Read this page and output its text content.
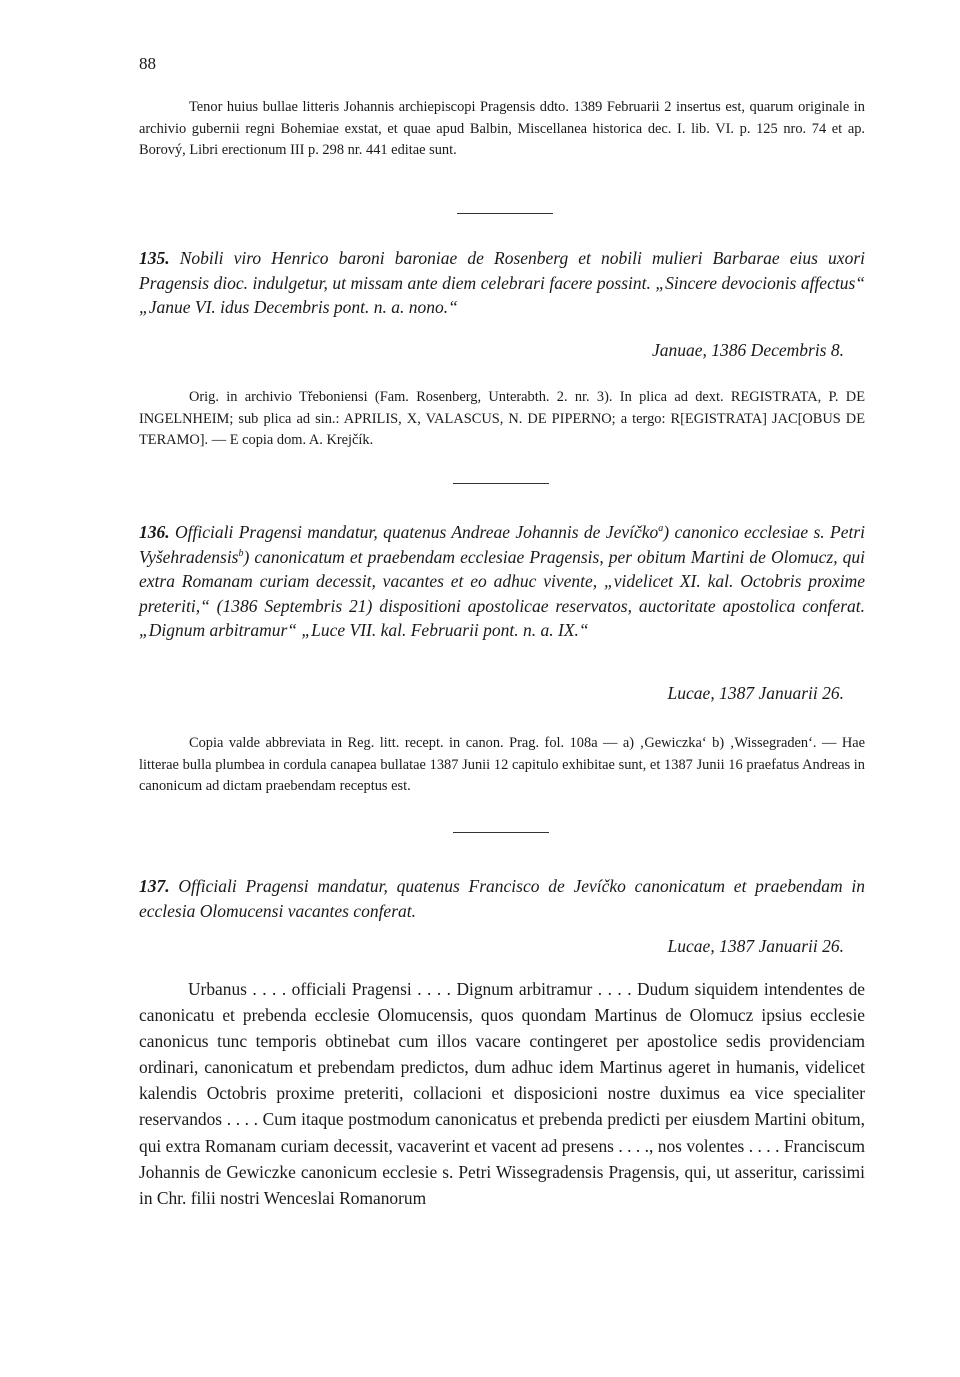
88

Tenor huius bullae litteris Johannis archiepiscopi Pragensis ddto. 1389 Februarii 2 insertus est, quarum originale in archivio gubernii regni Bohemiae exstat, et quae apud Balbin, Miscellanea historica dec. I. lib. VI. p. 125 nro. 74 et ap. Borový, Libri erectionum III p. 298 nr. 441 editae sunt.

135. Nobili viro Henrico baroni baroniae de Rosenberg et nobili mulieri Barbarae eius uxori Pragensis dioc. indulgetur, ut missam ante diem celebrari facere possint. „Sincere devocionis affectus“ „Janue VI. idus Decembris pont. n. a. nono.“

Januae, 1386 Decembris 8.

Orig. in archivio Třeboniensi (Fam. Rosenberg, Unterabth. 2. nr. 3). In plica ad dext. REGISTRATA, P. DE INGELNHEIM; sub plica ad sin.: APRILIS, X, VALASCUS, N. DE PIPERNO; a tergo: R[EGISTRATA] JAC[OBUS DE TERAMO]. — E copia dom. A. Krejčík.

136. Officiali Pragensi mandatur, quatenus Andreae Johannis de Jevíčko$^a$) canonico ecclesiae s. Petri Vyšehradensis$^b$) canonicatum et praebendam ecclesiae Pragensis, per obitum Martini de Olomucz, qui extra Romanam curiam decessit, vacantes et eo adhuc vivente, „videlicet XI. kal. Octobris proxime preteriti,“ (1386 Septembris 21) dispositioni apostolicae reservatos, auctoritate apostolica conferat. „Dignum arbitramur“ „Luce VII. kal. Februarii pont. n. a. IX.“

Lucae, 1387 Januarii 26.

Copia valde abbreviata in Reg. litt. recept. in canon. Prag. fol. 108a — a) ‚Gewiczka‘ b) ‚Wissegraden‘. — Hae litterae bulla plumbea in cordula canapea bullatae 1387 Junii 12 capitulo exhibitae sunt, et 1387 Junii 16 praefatus Andreas in canonicum ad dictam praebendam receptus est.

137. Officiali Pragensi mandatur, quatenus Francisco de Jevíčko canonicatum et praebendam in ecclesia Olomucensi vacantes conferat.

Lucae, 1387 Januarii 26.

Urbanus . . . . officiali Pragensi . . . . Dignum arbitramur . . . . Dudum siquidem intendentes de canonicatu et prebenda ecclesie Olomucensis, quos quondam Martinus de Olomucz ipsius ecclesie canonicus tunc temporis obtinebat cum illos vacare contingeret per apostolice sedis providenciam ordinari, canonicatum et prebendam predictos, dum adhuc idem Martinus ageret in humanis, videlicet kalendis Octobris proxime preteriti, collacioni et disposicioni nostre duximus ea vice specialiter reservandos . . . . Cum itaque postmodum canonicatus et prebenda predicti per eiusdem Martini obitum, qui extra Romanam curiam decessit, vacaverint et vacent ad presens . . . ., nos volentes . . . . Franciscum Johannis de Gewiczke canonicum ecclesie s. Petri Wissegradensis Pragensis, qui, ut asseritur, carissimi in Chr. filii nostri Wenceslai Romanorum
